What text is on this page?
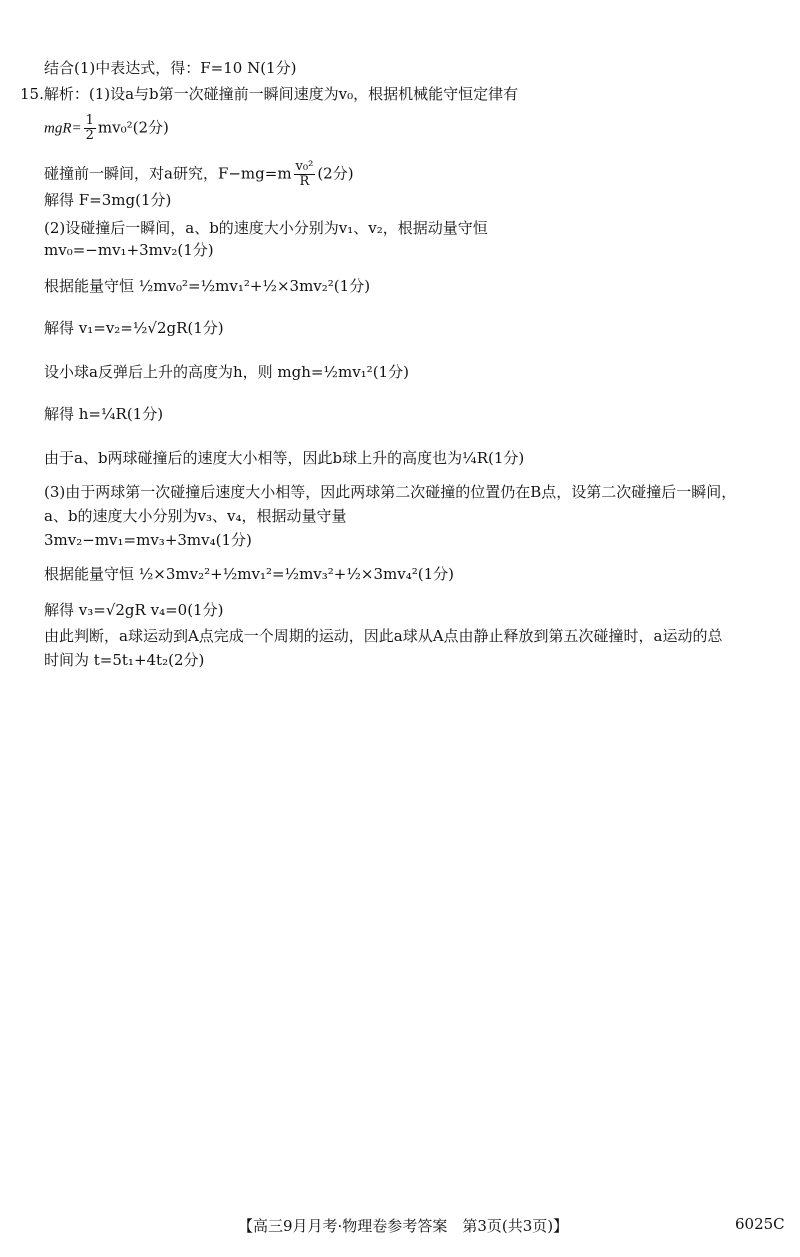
结合(1)中表达式，得：F=10 N(1分)
15.解析：(1)设a与b第一次碰撞前一瞬间速度为v₀，根据机械能守恒定律有
$mgR= \frac{1}{2} mv_0^2(2$分)
碰撞前一瞬间，对a研究，$F-mg=m \frac{\text{v₀²}}{R} (2$分)
解得 F=3mg(1分)
(2)设碰撞后一瞬间，a、b的速度大小分别为v₁、v₂，根据动量守恒
mv₀=−mv₁+3mv₂(1分)
根据能量守恒 ½mv₀²=½mv₁²+½×3mv₂²(1分)
解得 v₁=v₂=½√2gR(1分)
设小球a反弹后上升的高度为h，则 mgh=½mv₁²(1分)
解得 h=¼R(1分)
由于a、b两球碰撞后的速度大小相等，因此b球上升的高度也为¼R(1分)
(3)由于两球第一次碰撞后速度大小相等，因此两球第二次碰撞的位置仍在B点，设第二次碰撞后一瞬间，
a、b的速度大小分别为v₃、v₄，根据动量守量
3mv₂−mv₁=mv₃+3mv₄(1分)
根据能量守恒 ½×3mv₂²+½mv₁²=½mv₃²+½×3mv₄²(1分)
解得 v₃=√2gR v₄=0(1分)
由此判断，a球运动到A点完成一个周期的运动，因此a球从A点由静止释放到第五次碰撞时，a运动的总
时间为 t=5t₁+4t₂(2分)
【高三9月月考·物理卷参考答案　第3页(共3页)】	6025C
